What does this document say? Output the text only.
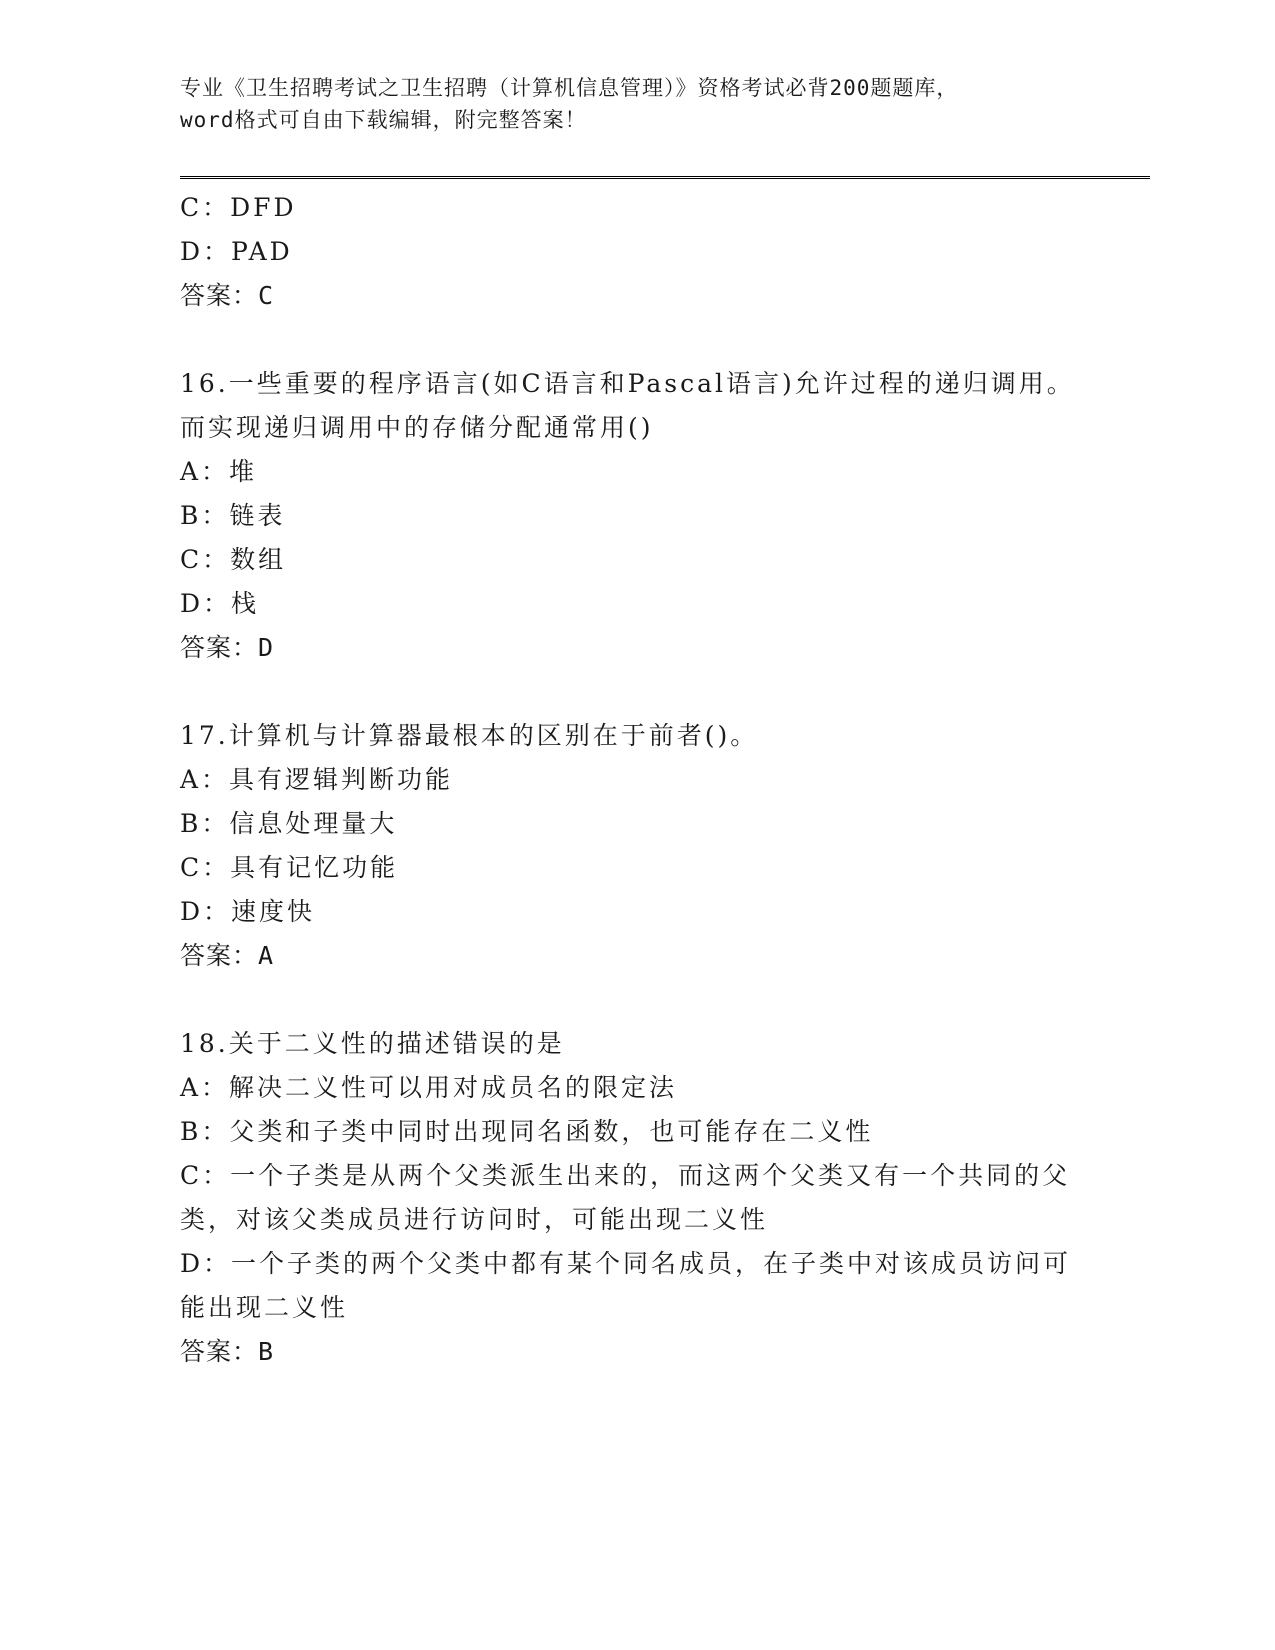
专业《卫生招聘考试之卫生招聘（计算机信息管理）》资格考试必背200题题库，
word格式可自由下载编辑，附完整答案！
C：DFD
D：PAD
答案：C
16.一些重要的程序语言(如C语言和Pascal语言)允许过程的递归调用。而实现递归调用中的存储分配通常用()
A：堆
B：链表
C：数组
D：栈
答案：D
17.计算机与计算器最根本的区别在于前者()。
A：具有逻辑判断功能
B：信息处理量大
C：具有记忆功能
D：速度快
答案：A
18.关于二义性的描述错误的是
A：解决二义性可以用对成员名的限定法
B：父类和子类中同时出现同名函数，也可能存在二义性
C：一个子类是从两个父类派生出来的，而这两个父类又有一个共同的父类，对该父类成员进行访问时，可能出现二义性
D：一个子类的两个父类中都有某个同名成员，在子类中对该成员访问可能出现二义性
答案：B
